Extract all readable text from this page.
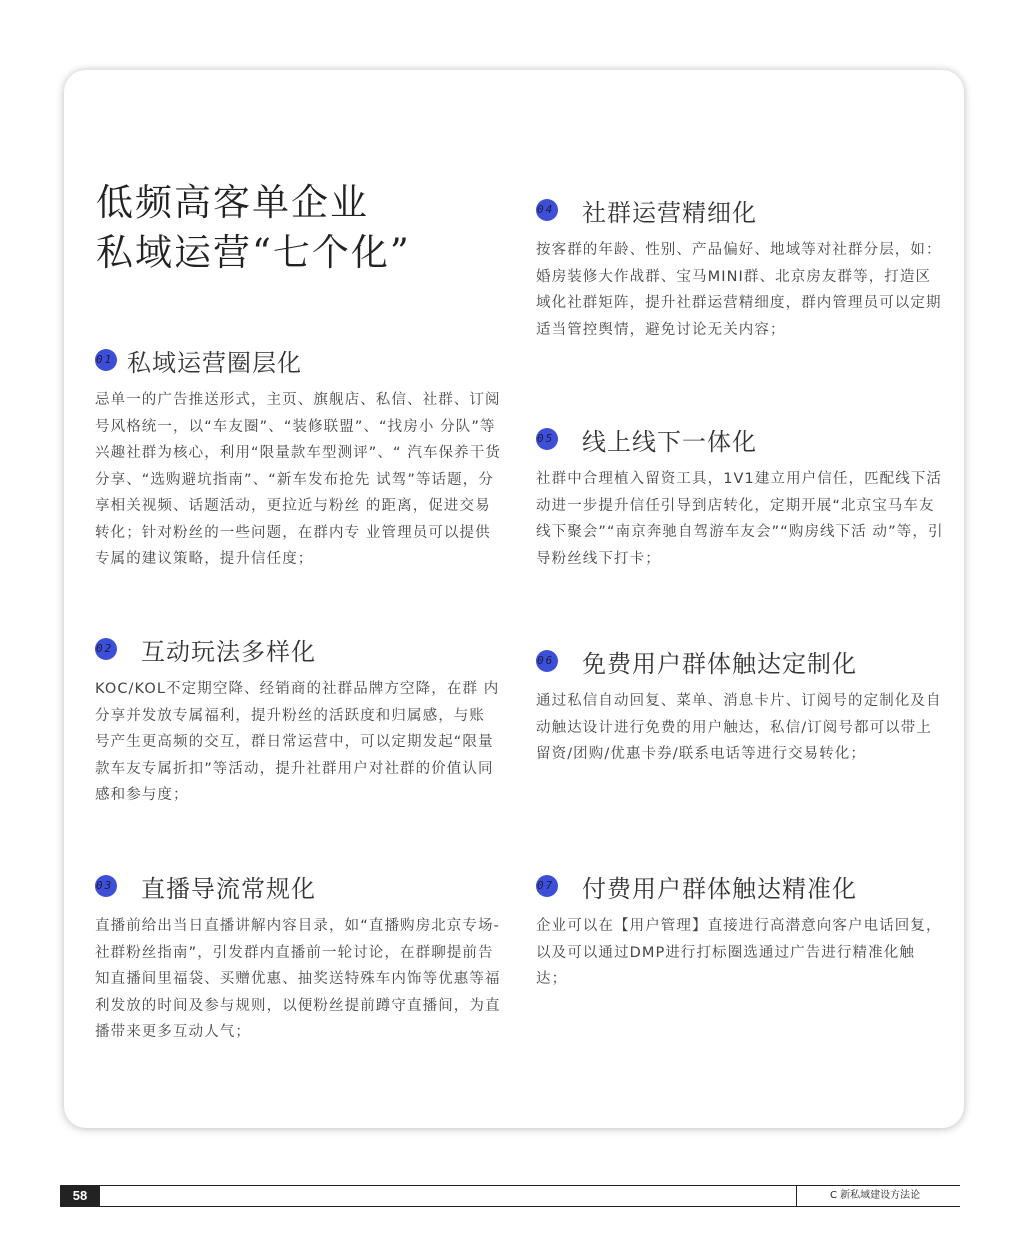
低频高客单企业
私域运营“七个化”
01 私域运营圈层化

忌单一的广告推送形式，主页、旗舰店、私信、社群、订阅号风格统一，以“车友圈”、“装修联盟”、“找房小 分队”等兴趣社群为核心，利用“限量款车型测评”、“ 汽车保养干货分享、“选购避坑指南”、“新车发布抢先 试驾”等话题，分享相关视频、话题活动，更拉近与粉丝 的距离，促进交易转化；针对粉丝的一些问题，在群内专 业管理员可以提供专属的建议策略，提升信任度；

02 互动玩法多样化

KOC/KOL不定期空降、经销商的社群品牌方空降，在群 内分享并发放专属福利，提升粉丝的活跃度和归属感，与账 号产生更高频的交互，群日常运营中，可以定期发起“限量 款车友专属折扣”等活动，提升社群用户对社群的价值认同 感和参与度；

03 直播导流常规化

直播前给出当日直播讲解内容目录，如“直播购房北京专场-社群粉丝指南”，引发群内直播前一轮讨论，在群聊提前告知直播间里福袋、买赠优惠、抽奖送特殊车内饰等优惠等福利发放的时间及参与规则，以便粉丝提前蹲守直播间，为直播带来更多互动人气；

04 社群运营精细化

按客群的年龄、性别、产品偏好、地域等对社群分层，如：婚房装修大作战群、宝马MINI群、北京房友群等，打造区域化社群矩阵，提升社群运营精细度，群内管理员可以定期适当管控舆情，避免讨论无关内容；

05 线上线下一体化

社群中合理植入留资工具，1V1建立用户信任，匹配线下活动进一步提升信任引导到店转化，定期开展“北京宝马车友线下聚会”“南京奔驰自驾游车友会”“购房线下活 动”等，引导粉丝线下打卡；

06 免费用户群体触达定制化

通过私信自动回复、菜单、消息卡片、订阅号的定制化及自动触达设计进行免费的用户触达，私信/订阅号都可以带上留资/团购/优惠卡券/联系电话等进行交易转化；

07 付费用户群体触达精准化

企业可以在【用户管理】直接进行高潜意向客户电话回复，以及可以通过DMP进行打标圈选通过广告进行精准化触达；

58	C 新私域建设方法论
